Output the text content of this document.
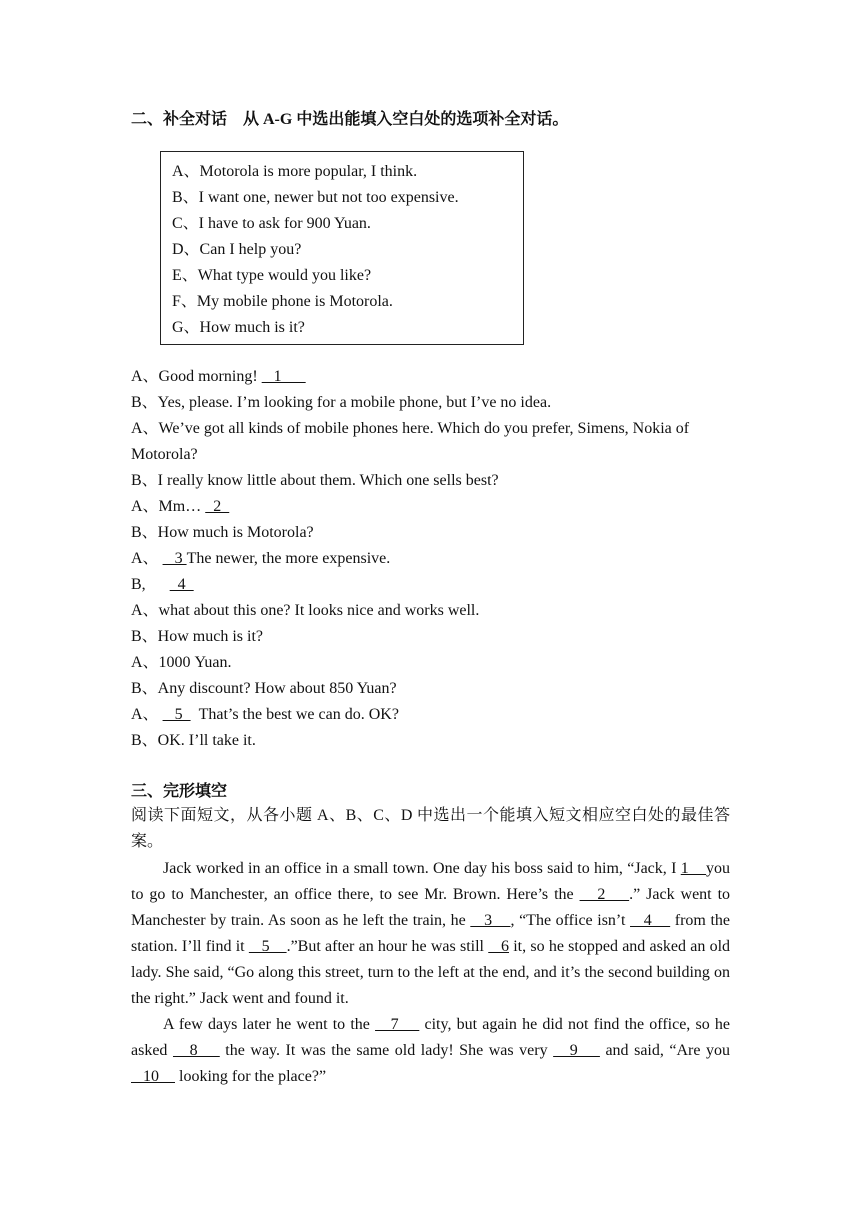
二、补全对话　从 A-G 中选出能填入空白处的选项补全对话。
A、Motorola is more popular, I think.
B、I want one, newer but not too expensive.
C、I have to ask for 900 Yuan.
D、Can I help you?
E、What type would you like?
F、My mobile phone is Motorola.
G、How much is it?
A、Good morning!    1
B、Yes, please. I’m looking for a mobile phone, but I’ve no idea.
A、We’ve got all kinds of mobile phones here. Which do you prefer, Simens, Nokia of
Motorola?
B、I really know little about them. Which one sells best?
A、Mm…   2
B、How much is Motorola?
A、    3 The newer, the more expensive.
B,        4
A、what about this one? It looks nice and works well.
B、How much is it?
A、1000 Yuan.
B、Any discount? How about 850 Yuan?
A、    5    That’s the best we can do. OK?
B、OK. I’ll take it.
三、完形填空
阅读下面短文，从各小题 A、B、C、D 中选出一个能填入短文相应空白处的最佳答案。
Jack worked in an office in a small town. One day his boss said to him, “Jack, I 1    you to go to Manchester, an office there, to see Mr. Brown. Here’s the    2    .” Jack went to Manchester by train. As soon as he left the train, he    3    , “The office isn’t    4     from the station. I’ll find it    5    .”But after an hour he was still    6 it, so he stopped and asked an old lady. She said, “Go along this street, turn to the left at the end, and it’s the second building on the right.” Jack went and found it.
A few days later he went to the    7     city, but again he did not find the office, so he asked    8     the way. It was the same old lady! She was very    9     and said, “Are you    10     looking for the place?”
